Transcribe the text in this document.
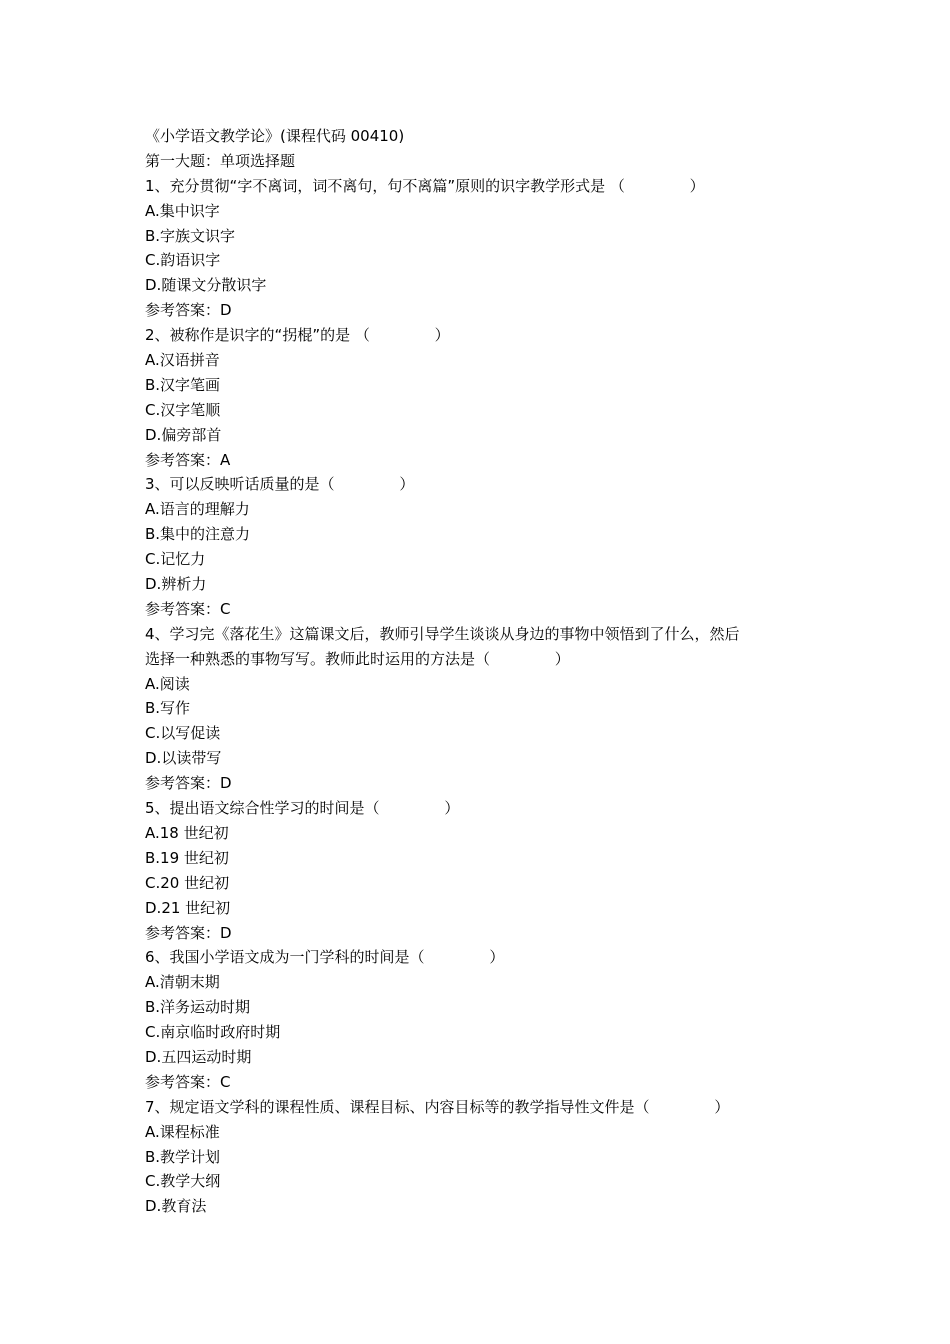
《小学语文教学论》(课程代码 00410)

第一大题：单项选择题

1、充分贯彻“字不离词，词不离句，句不离篇”原则的识字教学形式是 （　　　　 ）

A.集中识字

B.字族文识字

C.韵语识字

D.随课文分散识字

参考答案：D

2、被称作是识字的“拐棍”的是 （　　　　 ）

A.汉语拼音

B.汉字笔画

C.汉字笔顺

D.偏旁部首

参考答案：A

3、可以反映听话质量的是（　　　　 ）

A.语言的理解力

B.集中的注意力

C.记忆力

D.辨析力

参考答案：C

4、学习完《落花生》这篇课文后，教师引导学生谈谈从身边的事物中领悟到了什么，然后

选择一种熟悉的事物写写。教师此时运用的方法是（　　　　 ）

A.阅读

B.写作

C.以写促读

D.以读带写

参考答案：D

5、提出语文综合性学习的时间是（　　　　 ）

A.18 世纪初

B.19 世纪初

C.20 世纪初

D.21 世纪初

参考答案：D

6、我国小学语文成为一门学科的时间是（　　　　 ）

A.清朝末期

B.洋务运动时期

C.南京临时政府时期

D.五四运动时期

参考答案：C

7、规定语文学科的课程性质、课程目标、内容目标等的教学指导性文件是（　　　　 ）

A.课程标准

B.教学计划

C.教学大纲

D.教育法
